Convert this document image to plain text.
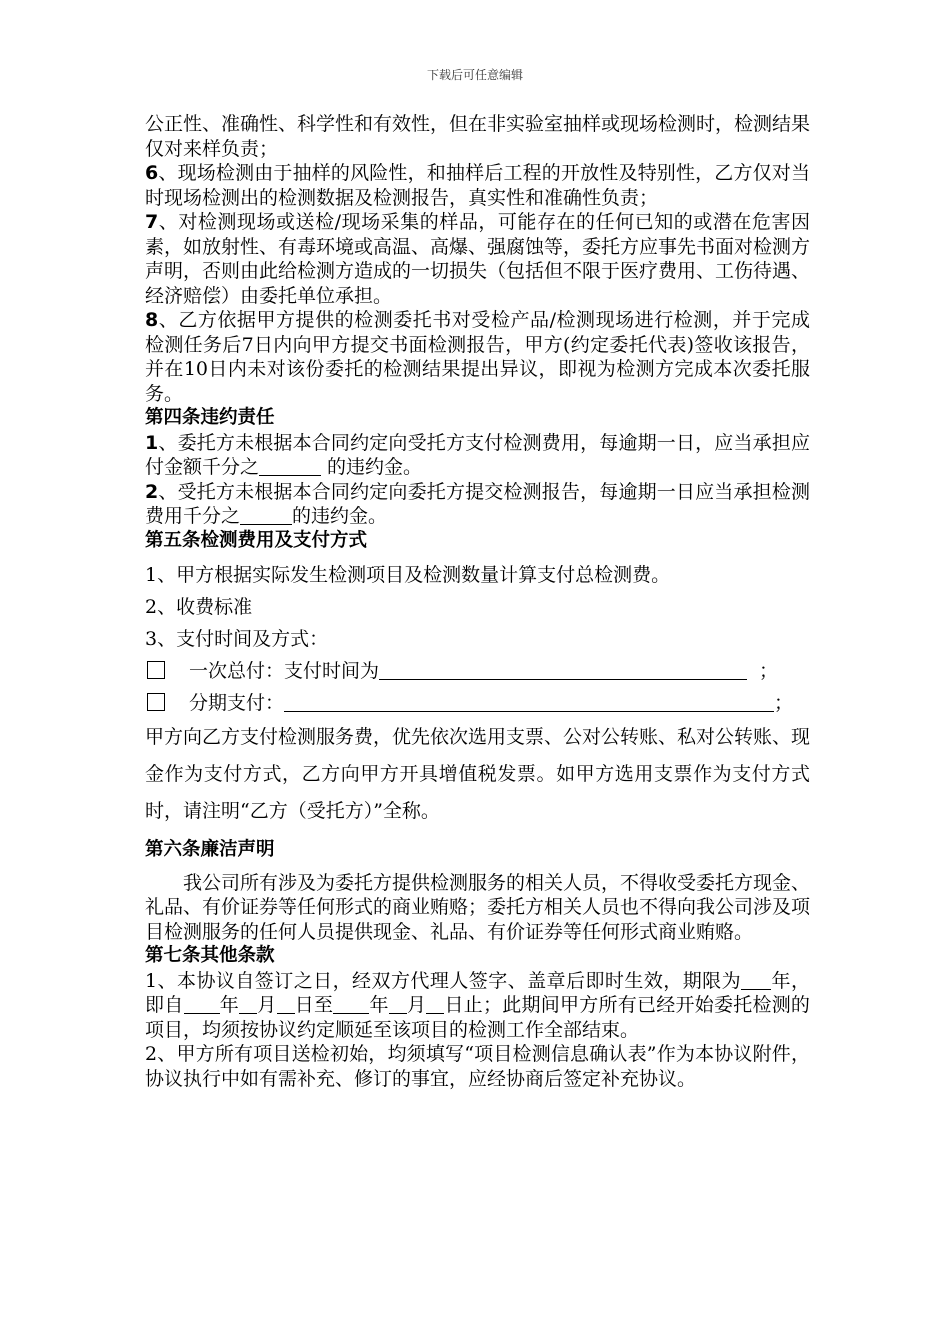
下载后可任意编辑

公正性、准确性、科学性和有效性，但在非实验室抽样或现场检测时，检测结果仅对来样负责；

6、现场检测由于抽样的风险性，和抽样后工程的开放性及特别性，乙方仅对当时现场检测出的检测数据及检测报告，真实性和准确性负责；

7、对检测现场或送检/现场采集的样品，可能存在的任何已知的或潜在危害因素，如放射性、有毒环境或高温、高爆、强腐蚀等，委托方应事先书面对检测方声明，否则由此给检测方造成的一切损失（包括但不限于医疗费用、工伤待遇、经济赔偿）由委托单位承担。

8、乙方依据甲方提供的检测委托书对受检产品/检测现场进行检测，并于完成检测任务后7日内向甲方提交书面检测报告，甲方(约定委托代表)签收该报告，并在10日内未对该份委托的检测结果提出异议，即视为检测方完成本次委托服务。

第四条违约责任

1、委托方未根据本合同约定向受托方支付检测费用，每逾期一日，应当承担应付金额千分之	的违约金。

2、受托方未根据本合同约定向委托方提交检测报告，每逾期一日应当承担检测费用千分之	的违约金。

第五条检测费用及支付方式

1、甲方根据实际发生检测项目及检测数量计算支付总检测费。

2、收费标准

3、支付时间及方式：

一次总付：支付时间为	；

分期支付：	；

甲方向乙方支付检测服务费，优先依次选用支票、公对公转账、私对公转账、现金作为支付方式，乙方向甲方开具增值税发票。如甲方选用支票作为支付方式时，请注明“乙方（受托方）”全称。

第六条廉洁声明

我公司所有涉及为委托方提供检测服务的相关人员，不得收受委托方现金、礼品、有价证券等任何形式的商业贿赂；委托方相关人员也不得向我公司涉及项目检测服务的任何人员提供现金、礼品、有价证券等任何形式商业贿赂。

第七条其他条款

1、本协议自签订之日，经双方代理人签字、盖章后即时生效，期限为 年，即自 年 月 日至 年 月 日止；此期间甲方所有已经开始委托检测的项目，均须按协议约定顺延至该项目的检测工作全部结束。

2、甲方所有项目送检初始，均须填写“项目检测信息确认表”作为本协议附件，协议执行中如有需补充、修订的事宜，应经协商后签定补充协议。
